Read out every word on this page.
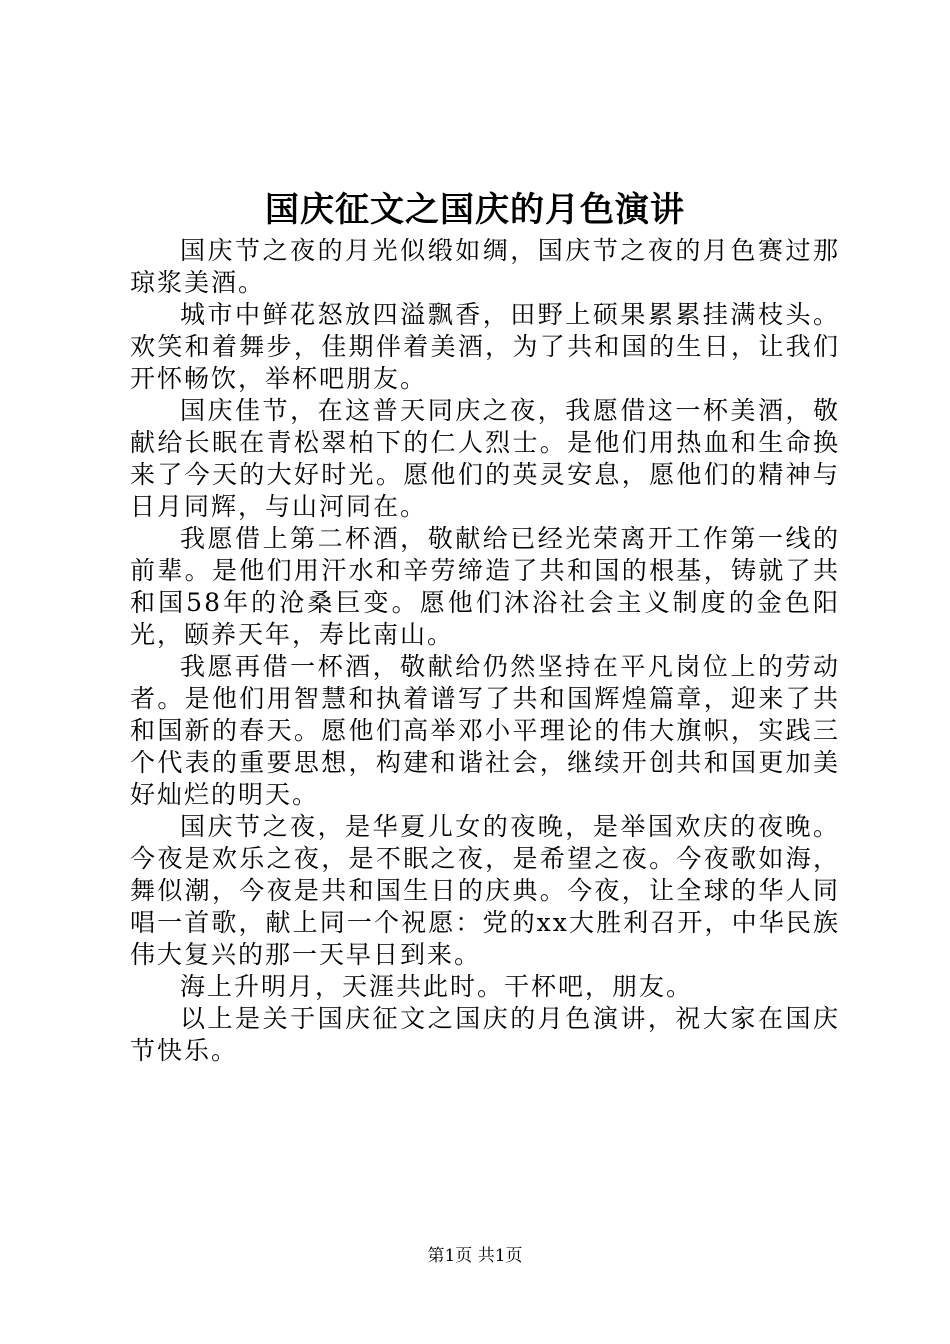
国庆征文之国庆的月色演讲

国庆节之夜的月光似缎如绸，国庆节之夜的月色赛过那琼浆美酒。

城市中鲜花怒放四溢飘香，田野上硕果累累挂满枝头。欢笑和着舞步，佳期伴着美酒，为了共和国的生日，让我们开怀畅饮，举杯吧朋友。

国庆佳节，在这普天同庆之夜，我愿借这一杯美酒，敬献给长眠在青松翠柏下的仁人烈士。是他们用热血和生命换来了今天的大好时光。愿他们的英灵安息，愿他们的精神与日月同辉，与山河同在。

我愿借上第二杯酒，敬献给已经光荣离开工作第一线的前辈。是他们用汗水和辛劳缔造了共和国的根基，铸就了共和国58年的沧桑巨变。愿他们沐浴社会主义制度的金色阳光，颐养天年，寿比南山。

我愿再借一杯酒，敬献给仍然坚持在平凡岗位上的劳动者。是他们用智慧和执着谱写了共和国辉煌篇章，迎来了共和国新的春天。愿他们高举邓小平理论的伟大旗帜，实践三个代表的重要思想，构建和谐社会，继续开创共和国更加美好灿烂的明天。

国庆节之夜，是华夏儿女的夜晚，是举国欢庆的夜晚。今夜是欢乐之夜，是不眠之夜，是希望之夜。今夜歌如海，舞似潮，今夜是共和国生日的庆典。今夜，让全球的华人同唱一首歌，献上同一个祝愿：党的xx大胜利召开，中华民族伟大复兴的那一天早日到来。

海上升明月，天涯共此时。干杯吧，朋友。

以上是关于国庆征文之国庆的月色演讲，祝大家在国庆节快乐。

第1页 共1页
